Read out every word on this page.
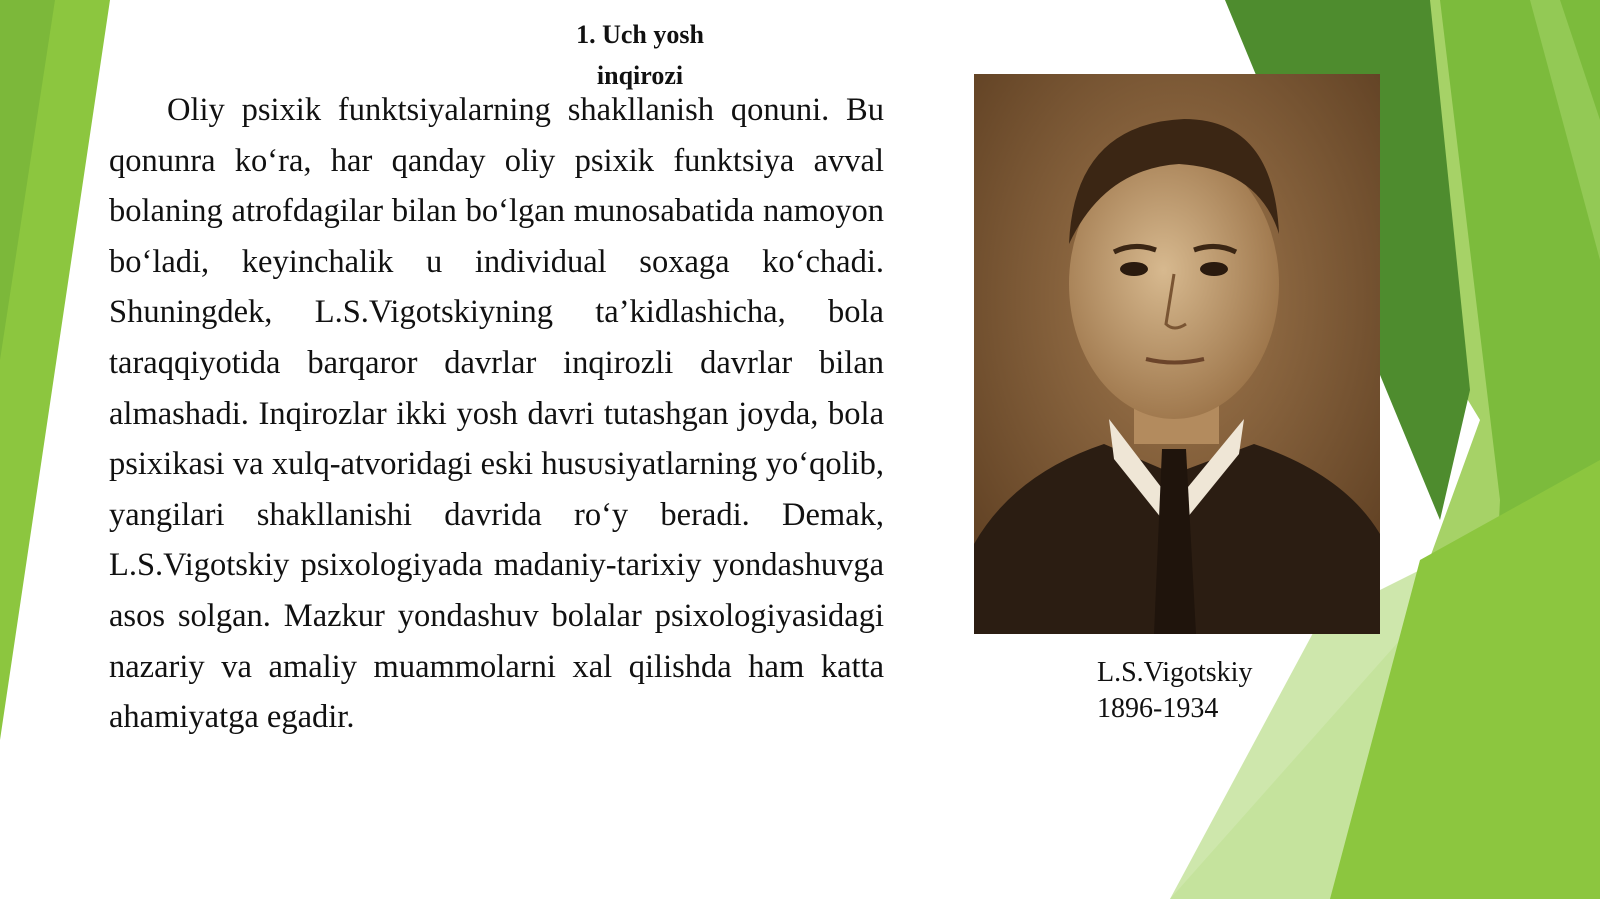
1. Uch yosh
inqirozi

Oliy psixik funktsiyalarning shakllanish qonuni. Bu qonunra ko‘ra, har qanday oliy psixik funktsiya avval bolaning atrofdagilar bilan bo‘lgan munosabatida namoyon bo‘ladi, keyinchalik u individual soxaga ko‘chadi. Shuningdek, L.S.Vigotskiyning ta’kidlashicha, bola taraqqiyotida barqaror davrlar inqirozli davrlar bilan almashadi. Inqirozlar ikki yosh davri tutashgan joyda, bola psixikasi va xulq-atvoridagi eski husᴜsiyatlarning yo‘qolib, yangilari shakllanishi davrida ro‘y beradi. Demak, L.S.Vigotskiy psixologiyada madaniy-tarixiy yondashuvga asos solgan. Mazkur yondashuv bolalar psixologiyasidagi nazariy va amaliy muammolarni xal qilishda ham katta ahamiyatga egadir.

L.S.Vigotskiy
1896-1934
